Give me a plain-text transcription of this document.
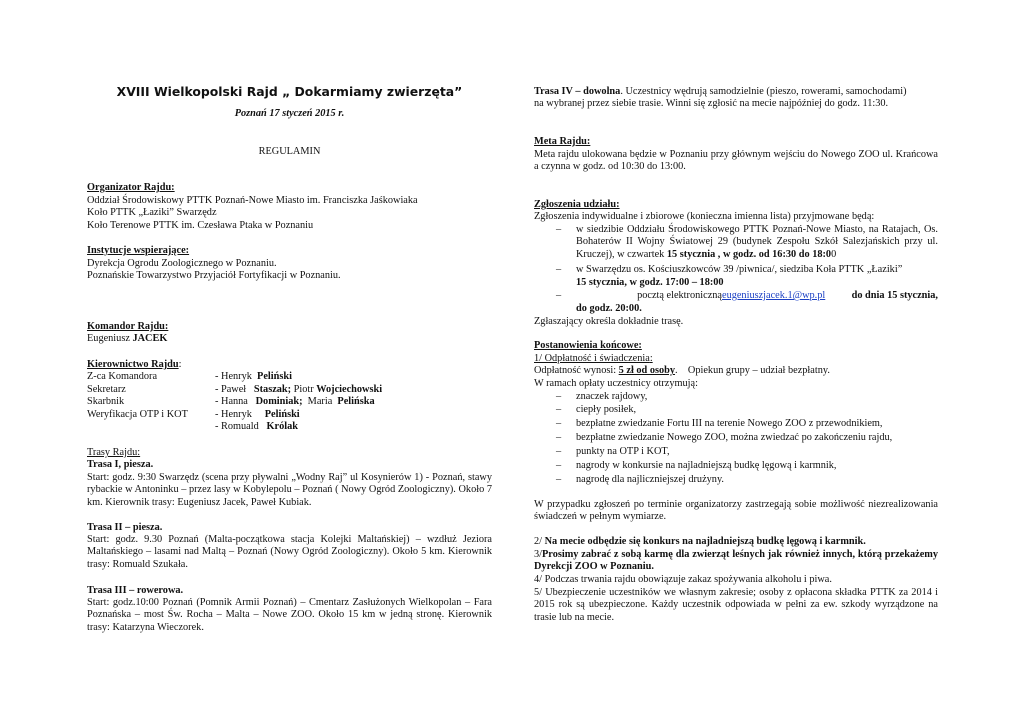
XVIII Wielkopolski Rajd „ Dokarmiamy zwierzęta”
Poznań 17 styczeń 2015 r.
REGULAMIN
Organizator Rajdu:
Oddział Środowiskowy PTTK Poznań-Nowe Miasto im. Franciszka Jaśkowiaka
Koło PTTK „Łaziki” Swarzędz
Koło Terenowe PTTK im. Czesława Ptaka w Poznaniu
Instytucje wspierające:
Dyrekcja Ogrodu Zoologicznego w Poznaniu.
Poznańskie Towarzystwo Przyjaciół Fortyfikacji w Poznaniu.
Komandor Rajdu:
Eugeniusz JACEK
Kierownictwo Rajdu:
Z-ca Komandora	- Henryk  Peliński
Sekretarz	- Paweł   Staszak; Piotr Wojciechowski
Skarbnik	- Hanna   Dominiak;  Maria  Pelińska
Weryfikacja OTP i KOT	- Henryk     Peliński
- Romuald   Królak
Trasy Rajdu:
Trasa I, piesza.
Start: godz. 9:30 Swarzędz (scena przy pływalni „Wodny Raj” ul Kosynierów 1) - Poznań, stawy rybackie w Antoninku – przez lasy w Kobylepolu – Poznań ( Nowy Ogród Zoologiczny). Około 7 km. Kierownik trasy: Eugeniusz Jacek, Paweł Kubiak.
Trasa II – piesza.
Start: godz. 9.30 Poznań (Malta-początkowa stacja Kolejki Maltańskiej) – wzdłuż Jeziora Maltańskiego – lasami nad Maltą – Poznań (Nowy Ogród Zoologiczny). Około 5 km. Kierownik trasy: Romuald Szukała.
Trasa III – rowerowa.
Start: godz.10:00 Poznań (Pomnik Armii Poznań) – Cmentarz Zasłużonych Wielkopolan – Fara Poznańska – most Św. Rocha – Malta – Nowe ZOO. Około 15 km w jedną stronę. Kierownik trasy: Katarzyna Wieczorek.
Trasa IV – dowolna. Uczestnicy wędrują samodzielnie (pieszo, rowerami, samochodami)
na wybranej przez siebie trasie. Winni się zgłosić na mecie najpóźniej do godz. 11:30.
Meta Rajdu:
Meta rajdu ulokowana będzie w Poznaniu przy głównym wejściu do Nowego ZOO ul. Krańcowa a czynna w godz. od 10:30 do 13:00.
Zgłoszenia udziału:
Zgłoszenia indywidualne i zbiorowe (konieczna imienna lista) przyjmowane będą:
– w siedzibie Oddziału Środowiskowego PTTK Poznań-Nowe Miasto, na Ratajach, Os. Bohaterów II Wojny Światowej 29 (budynek Zespołu Szkół Salezjańskich przy ul. Kruczej), w czwartek 15 stycznia , w godz. od 16:30 do 18:00
– w Swarzędzu os. Kościuszkowców 39 /piwnica/, siedziba Koła PTTK „Łaziki”
15 stycznia, w godz. 17:00 – 18:00
–	pocztą elektronicznąeugeniuszjacek.1@wp.pl	do dnia 15 stycznia,
do godz. 20:00.
Zgłaszający określa dokładnie trasę.
Postanowienia końcowe:
1/ Odpłatność i świadczenia:
Odpłatność wynosi: 5 zł od osoby.    Opiekun grupy – udział bezpłatny.
W ramach opłaty uczestnicy otrzymują:
– znaczek rajdowy,
– ciepły posiłek,
– bezpłatne zwiedzanie Fortu III na terenie Nowego ZOO z przewodnikiem,
– bezpłatne zwiedzanie Nowego ZOO, można zwiedzać po zakończeniu rajdu,
– punkty na OTP i KOT,
– nagrody w konkursie na najladniejszą budkę lęgową i karmnik,
– nagrodę dla najliczniejszej drużyny.
W przypadku zgłoszeń po terminie organizatorzy zastrzegają sobie możliwość niezrealizowania świadczeń w pełnym wymiarze.
2/ Na mecie odbędzie się konkurs na najladniejszą budkę lęgową i karmnik.
3/Prosimy zabrać z sobą karmę dla zwierząt leśnych jak również innych, którą przekażemy Dyrekcji ZOO w Poznaniu.
4/ Podczas trwania rajdu obowiązuje zakaz spożywania alkoholu i piwa.
5/ Ubezpieczenie uczestników we własnym zakresie; osoby z opłacona składka PTTK za 2014 i 2015 rok są ubezpieczone. Każdy uczestnik odpowiada w pełni za ew. szkody wyrządzone na trasie lub na mecie.
